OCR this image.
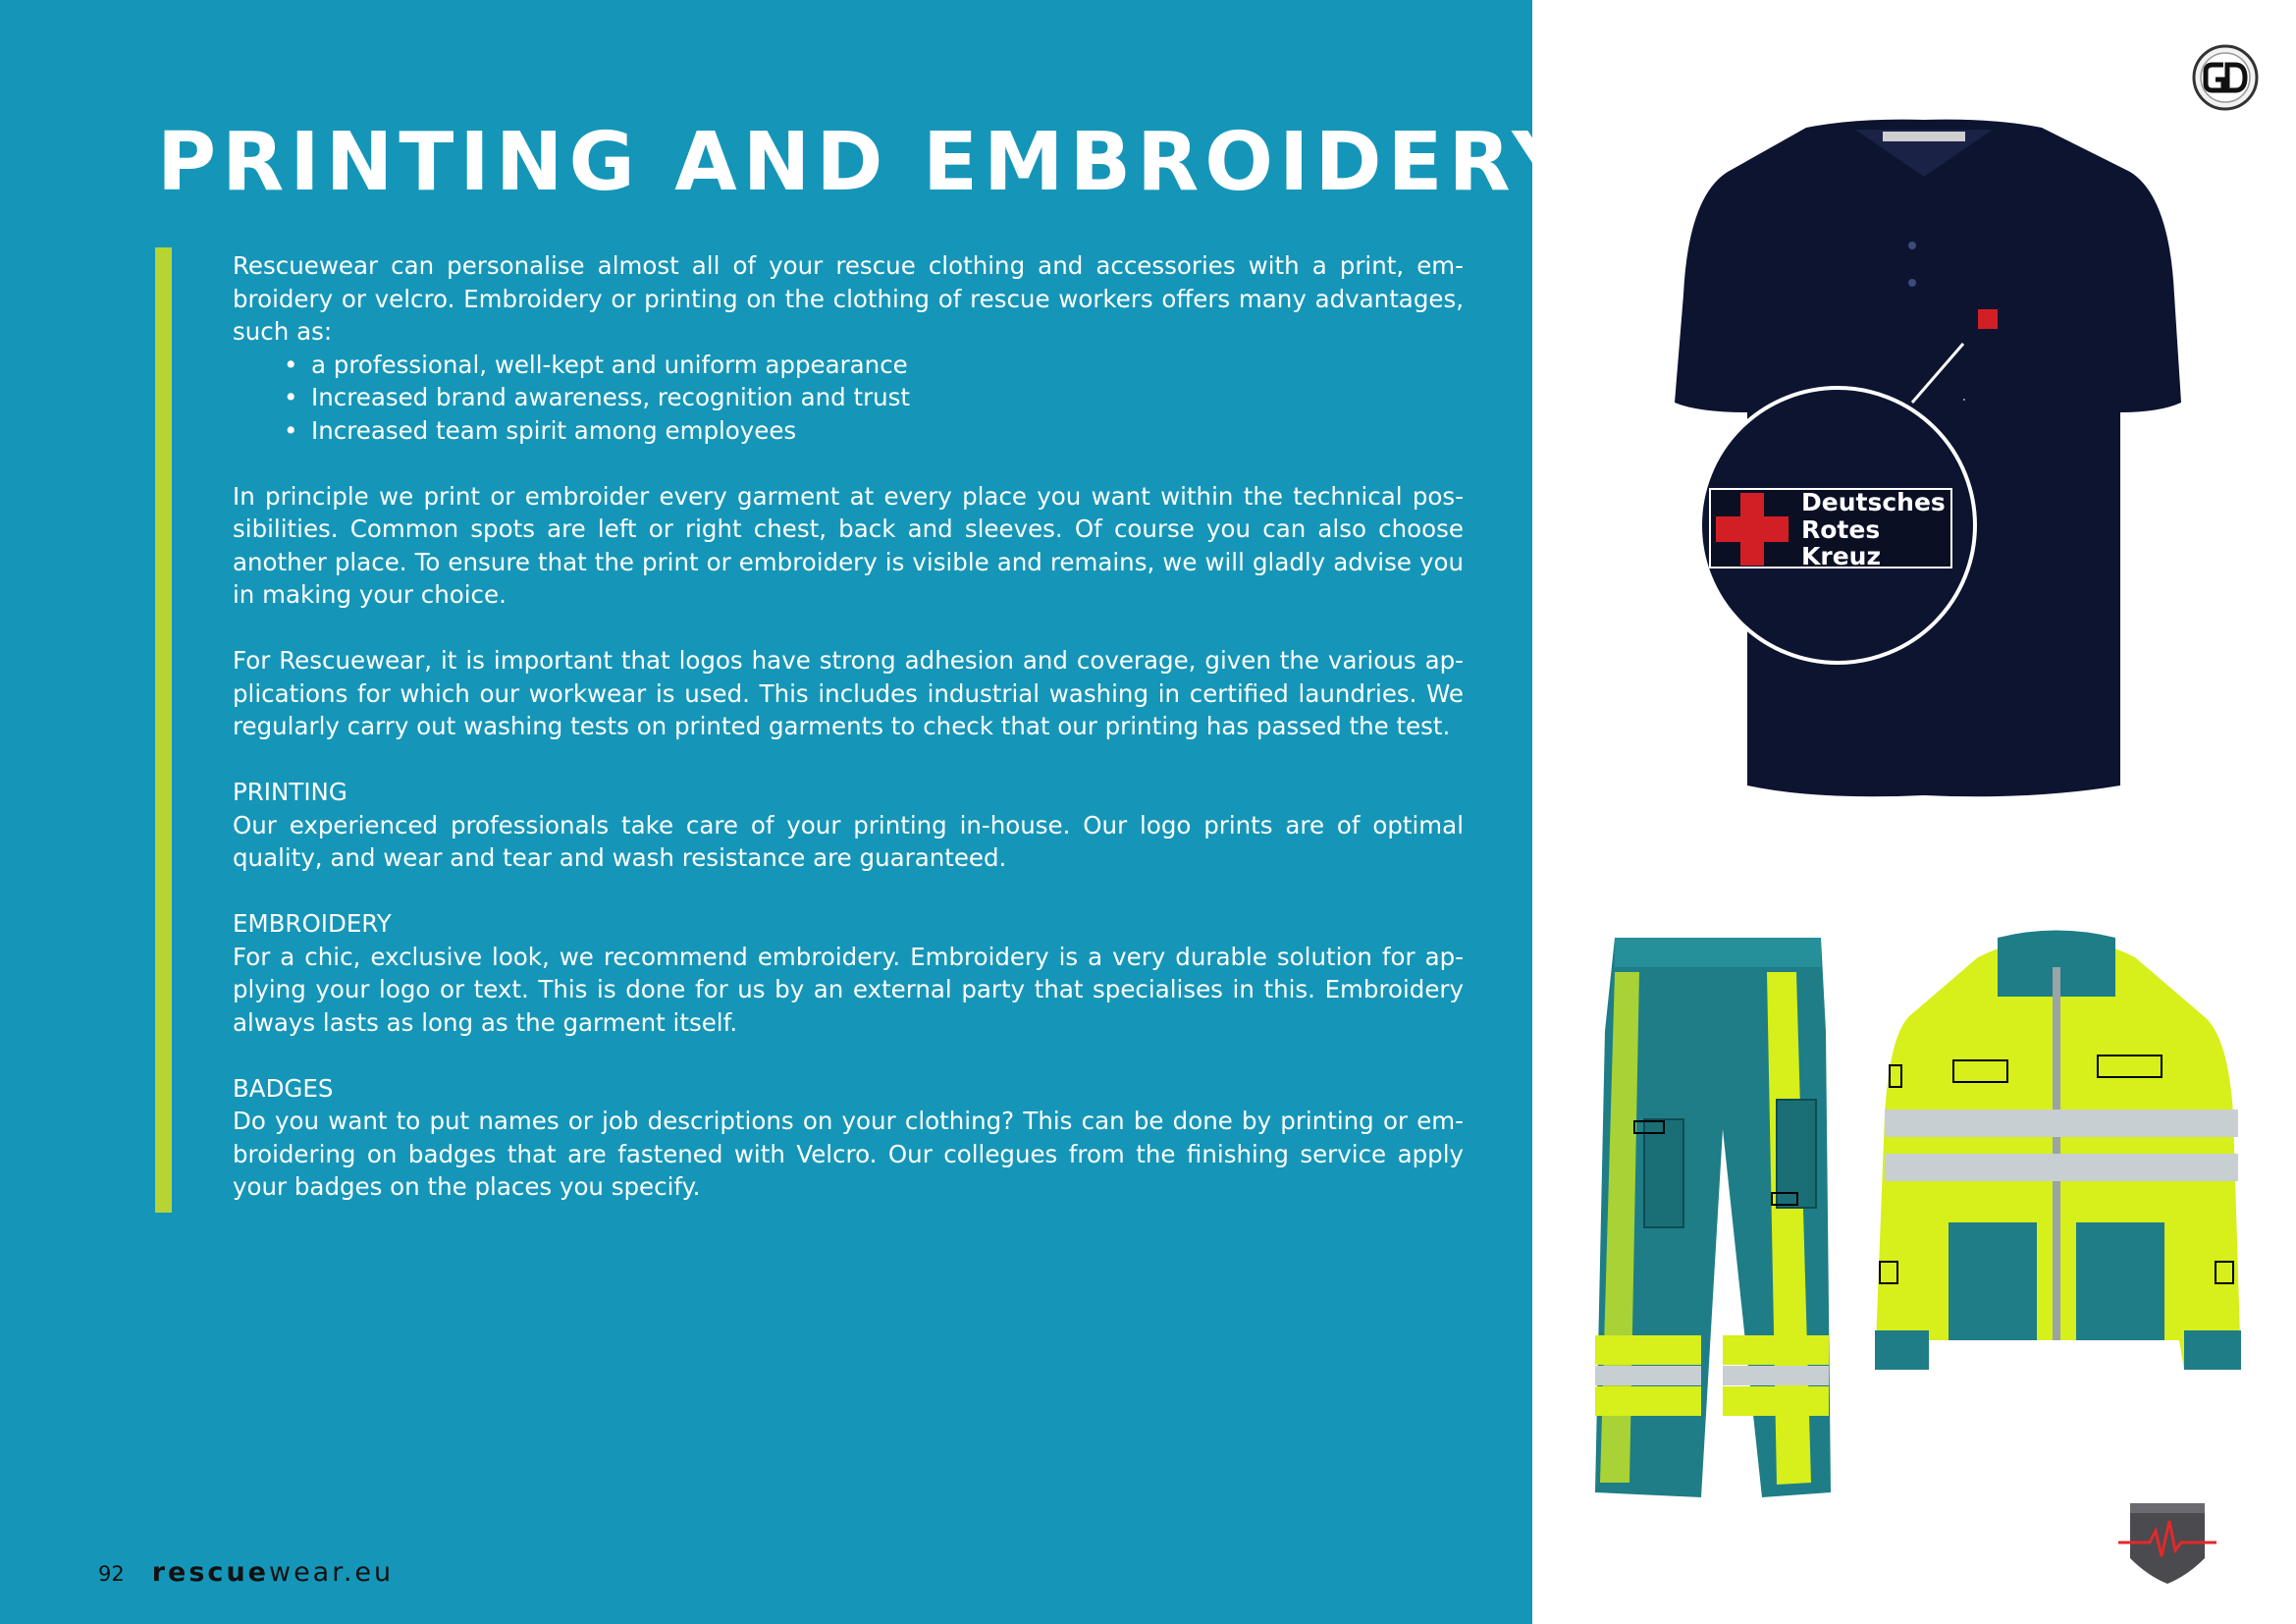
PRINTING AND EMBROIDERY

Rescuewear can personalise almost all of your rescue clothing and accessories with a print, embroidery or velcro. Embroidery or printing on the clothing of rescue workers offers many advantages, such as:

• a professional, well-kept and uniform appearance
• Increased brand awareness, recognition and trust
• Increased team spirit among employees

In principle we print or embroider every garment at every place you want within the technical possibilities. Common spots are left or right chest, back and sleeves. Of course you can also choose another place. To ensure that the print or embroidery is visible and remains, we will gladly advise you in making your choice.

For Rescuewear, it is important that logos have strong adhesion and coverage, given the various applications for which our workwear is used. This includes industrial washing in certified laundries. We regularly carry out washing tests on printed garments to check that our printing has passed the test.

PRINTING

Our experienced professionals take care of your printing in-house. Our logo prints are of optimal quality, and wear and tear and wash resistance are guaranteed.

EMBROIDERY

For a chic, exclusive look, we recommend embroidery. Embroidery is a very durable solution for applying your logo or text. This is done for us by an external party that specialises in this. Embroidery always lasts as long as the garment itself.

BADGES

Do you want to put names or job descriptions on your clothing? This can be done by printing or embroidering on badges that are fastened with Velcro. Our collegues from the finishing service apply your badges on the places you specify.

92 rescuewear.eu
Deutsches
Rotes
Kreuz
